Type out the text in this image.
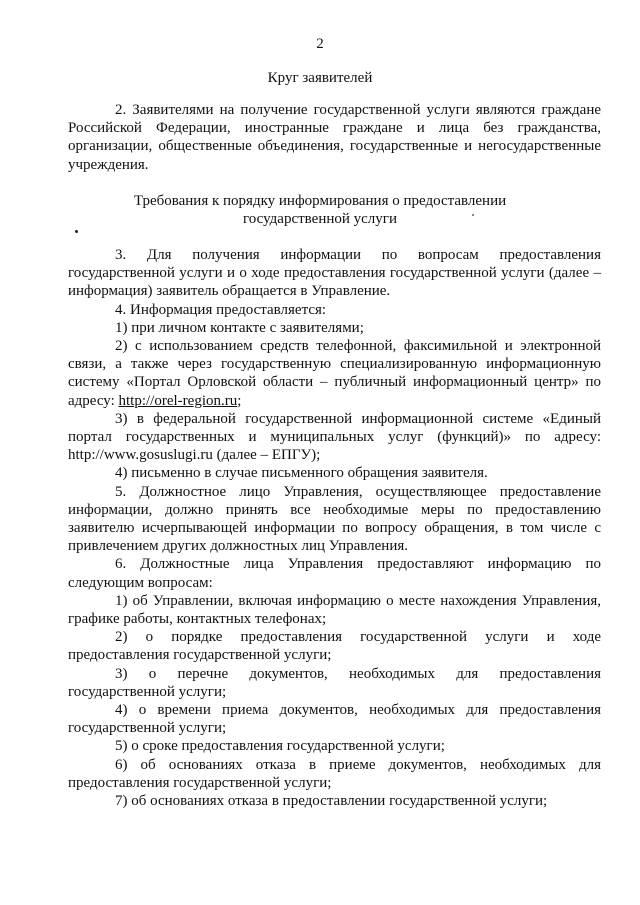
2
Круг заявителей

2. Заявителями на получение государственной услуги являются граждане Российской Федерации, иностранные граждане и лица без гражданства, организации, общественные объединения, государственные и негосударственные учреждения.

Требования к порядку информирования о предоставлении
государственной услуги

3. Для получения информации по вопросам предоставления государственной услуги и о ходе предоставления государственной услуги (далее – информация) заявитель обращается в Управление.

4. Информация предоставляется:

1) при личном контакте с заявителями;

2) с использованием средств телефонной, факсимильной и электронной связи, а также через государственную специализированную информационную систему «Портал Орловской области – публичный информационный центр» по адресу: http://orel-region.ru;

3) в федеральной государственной информационной системе «Единый портал государственных и муниципальных услуг (функций)» по адресу: http://www.gosuslugi.ru (далее – ЕПГУ);

4) письменно в случае письменного обращения заявителя.

5. Должностное лицо Управления, осуществляющее предоставление информации, должно принять все необходимые меры по предоставлению заявителю исчерпывающей информации по вопросу обращения, в том числе с привлечением других должностных лиц Управления.

6. Должностные лица Управления предоставляют информацию по следующим вопросам:

1) об Управлении, включая информацию о месте нахождения Управления, графике работы, контактных телефонах;

2) о порядке предоставления государственной услуги и ходе предоставления государственной услуги;

3) о перечне документов, необходимых для предоставления государственной услуги;

4) о времени приема документов, необходимых для предоставления государственной услуги;

5) о сроке предоставления государственной услуги;

6) об основаниях отказа в приеме документов, необходимых для предоставления государственной услуги;

7) об основаниях отказа в предоставлении государственной услуги;
